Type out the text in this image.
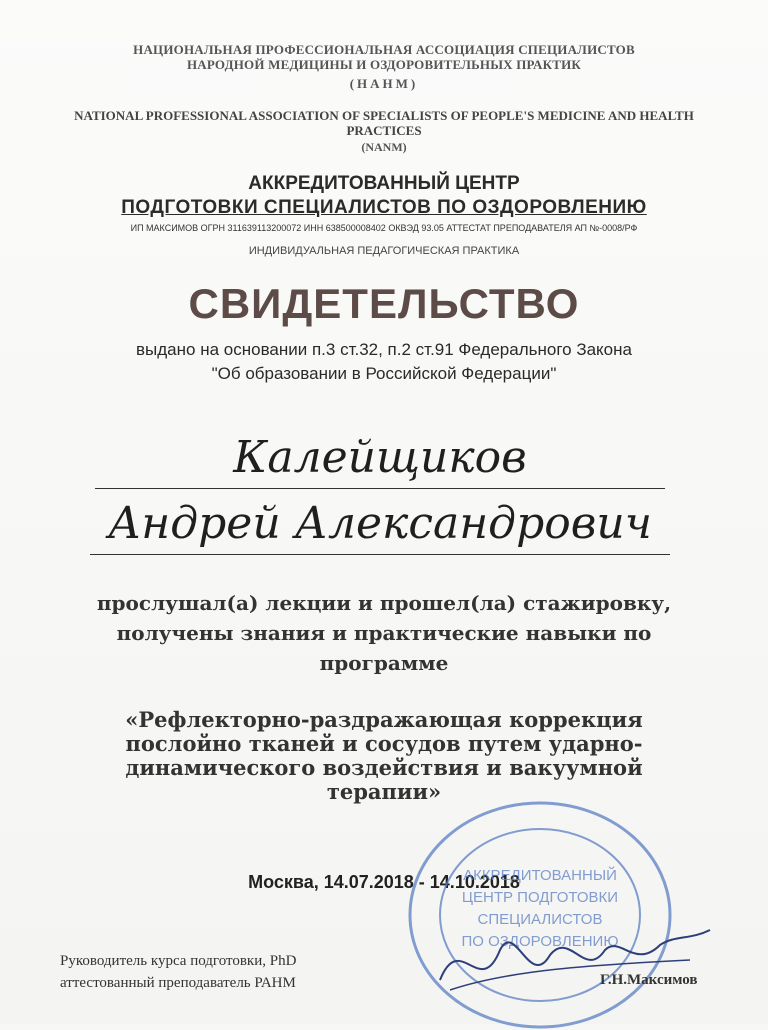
НАЦИОНАЛЬНАЯ ПРОФЕССИОНАЛЬНАЯ АССОЦИАЦИЯ СПЕЦИАЛИСТОВ
НАРОДНОЙ МЕДИЦИНЫ И ОЗДОРОВИТЕЛЬНЫХ ПРАКТИК
(НАНМ)
NATIONAL PROFESSIONAL ASSOCIATION OF SPECIALISTS OF PEOPLE'S MEDICINE AND HEALTH PRACTICES
(NANM)
АККРЕДИТОВАННЫЙ ЦЕНТР
ПОДГОТОВКИ СПЕЦИАЛИСТОВ ПО ОЗДОРОВЛЕНИЮ
ИП МАКСИМОВ ОГРН 311639113200072 ИНН 638500008402 ОКВЭД 93.05 АТТЕСТАТ ПРЕПОДАВАТЕЛЯ АП №-0008/РФ
ИНДИВИДУАЛЬНАЯ ПЕДАГОГИЧЕСКАЯ ПРАКТИКА
СВИДЕТЕЛЬСТВО
выдано на основании п.3 ст.32, п.2 ст.91 Федерального Закона
"Об образовании в Российской Федерации"
Калейщиков
Андрей Александрович
прослушал(а) лекции и прошел(ла) стажировку,
получены знания и практические навыки по
программе
«Рефлекторно-раздражающая коррекция послойно тканей и сосудов путем ударно-динамического воздействия и вакуумной терапии»
Москва, 14.07.2018 - 14.10.2018
АККРЕДИТОВАННЫЙ
ЦЕНТР ПОДГОТОВКИ
СПЕЦИАЛИСТОВ
ПО ОЗДОРОВЛЕНИЮ
Руководитель курса подготовки, PhD
аттестованный преподаватель РАНМ	Г.Н.Максимов
